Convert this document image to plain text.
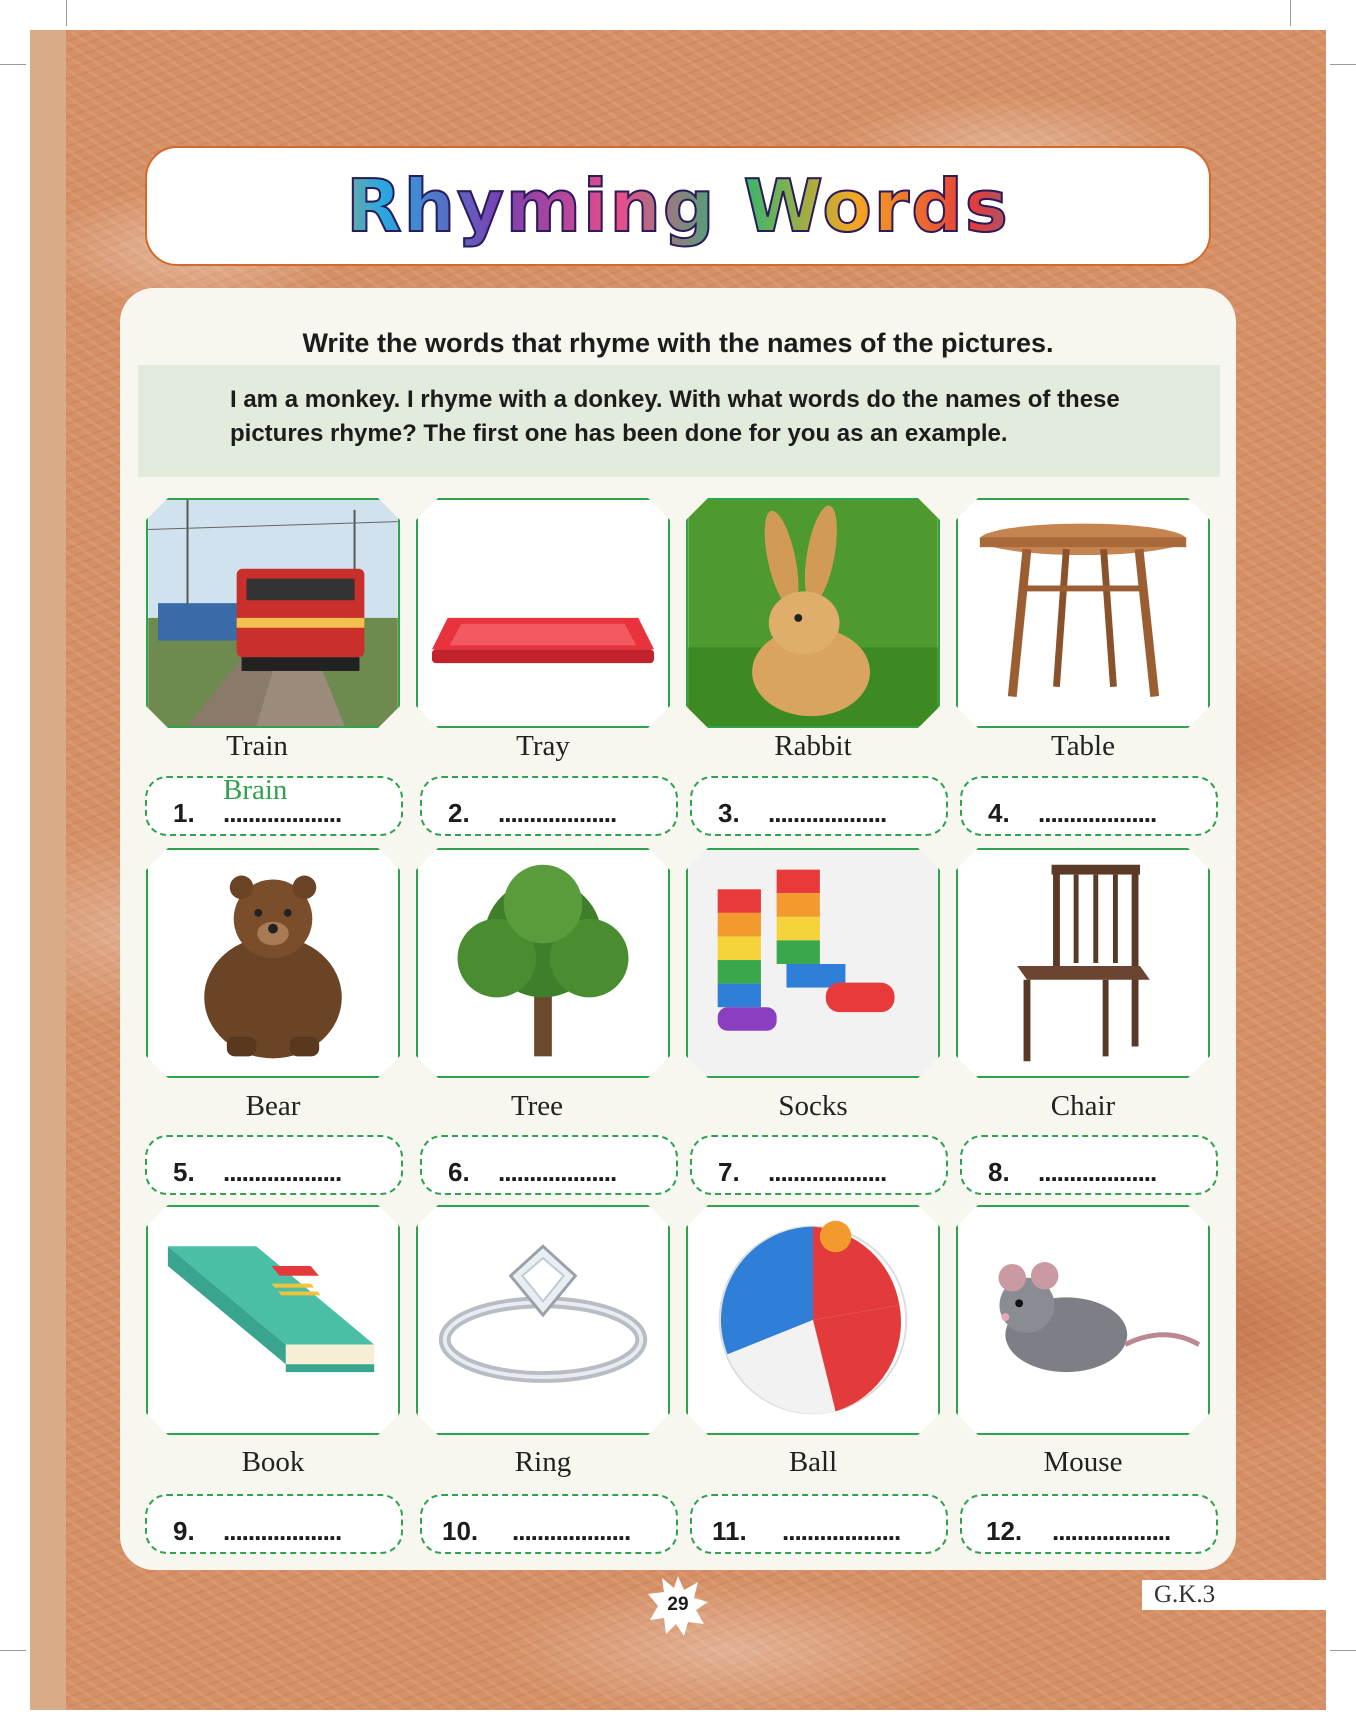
Rhyming Words
Write the words that rhyme with the names of the pictures.
I am a monkey. I rhyme with a donkey. With what words do the names of these pictures rhyme? The first one has been done for you as an example.
Train	Tray	Rabbit	Table
1.
Brain
...................	2. ...................	3. ...................	4. ...................
Bear	Tree	Socks	Chair
5. ...................	6. ...................	7. ...................	8. ...................
Book	Ring	Ball	Mouse
9. ...................	10. ...................	11. ...................	12. ...................
29	G.K.3
